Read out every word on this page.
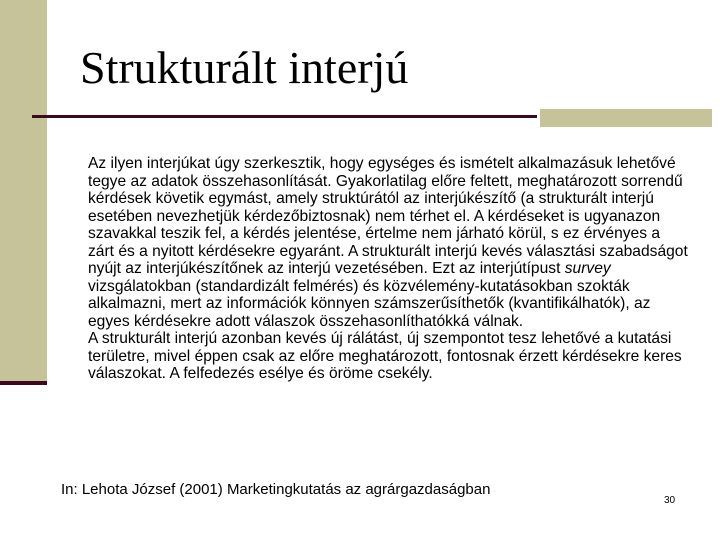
Strukturált interjú

Az ilyen interjúkat úgy szerkesztik, hogy egységes és ismételt alkalmazásuk lehetővé tegye az adatok összehasonlítását. Gyakorlatilag előre feltett, meghatározott sorrendű kérdések követik egymást, amely struktúrától az interjúkészítő (a strukturált interjú esetében nevezhetjük kérdezőbiztosnak) nem térhet el. A kérdéseket is ugyanazon szavakkal teszik fel, a kérdés jelentése, értelme nem járható körül, s ez érvényes a zárt és a nyitott kérdésekre egyaránt. A strukturált interjú kevés választási szabadságot nyújt az interjúkészítőnek az interjú vezetésében. Ezt az interjútípust survey vizsgálatokban (standardizált felmérés) és közvélemény-kutatásokban szokták alkalmazni, mert az információk könnyen számszerűsíthetők (kvantifikálhatók), az egyes kérdésekre adott válaszok összehasonlíthatókká válnak.

A strukturált interjú azonban kevés új rálátást, új szempontot tesz lehetővé a kutatási területre, mivel éppen csak az előre meghatározott, fontosnak érzett kérdésekre keres válaszokat. A felfedezés esélye és öröme csekély.

In: Lehota József (2001) Marketingkutatás az agrárgazdaságban
30
